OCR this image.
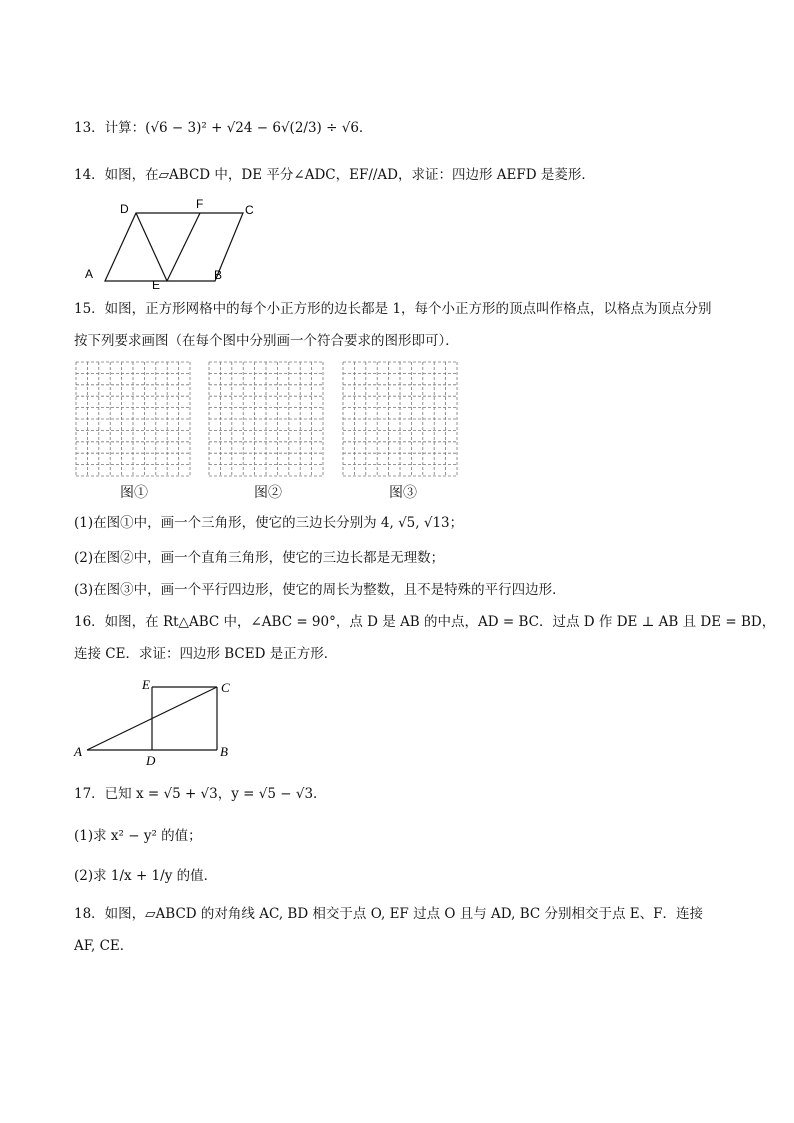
13．计算：(√6 − 3)² + √24 − 6√(2/3) ÷ √6．
14．如图，在▱ABCD 中，DE 平分∠ADC，EF//AD，求证：四边形 AEFD 是菱形．
D	F	C
A
E
B
15．如图，正方形网格中的每个小正方形的边长都是 1，每个小正方形的顶点叫作格点，以格点为顶点分别
按下列要求画图（在每个图中分别画一个符合要求的图形即可）．
图①	图②	图③
(1)在图①中，画一个三角形，使它的三边长分别为 4, √5, √13；
(2)在图②中，画一个直角三角形，使它的三边长都是无理数；
(3)在图③中，画一个平行四边形，使它的周长为整数，且不是特殊的平行四边形．
16．如图，在 Rt△ABC 中，∠ABC = 90°，点 D 是 AB 的中点，AD = BC．过点 D 作 DE ⊥ AB 且 DE = BD，
连接 CE．求证：四边形 BCED 是正方形．
E	C
A
D
B
17．已知 x = √5 + √3，y = √5 − √3．
(1)求 x² − y² 的值；
(2)求 1/x + 1/y 的值．
18．如图，▱ABCD 的对角线 AC, BD 相交于点 O, EF 过点 O 且与 AD, BC 分别相交于点 E、F．连接
AF, CE．
